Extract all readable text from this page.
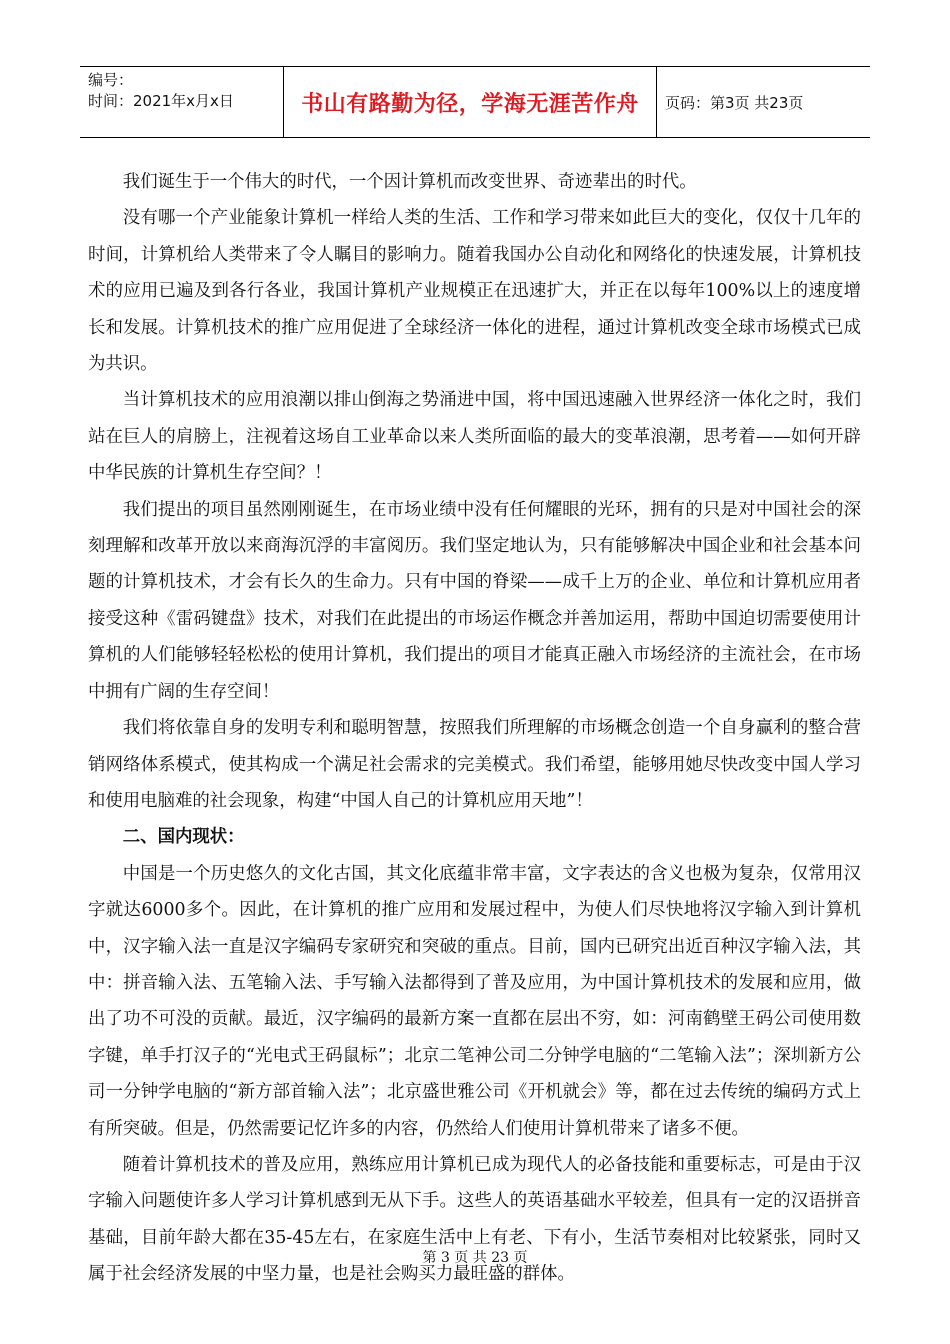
编号：
时间：2021年x月x日	书山有路勤为径，学海无涯苦作舟	页码：第3页 共23页

我们诞生于一个伟大的时代，一个因计算机而改变世界、奇迹辈出的时代。

没有哪一个产业能象计算机一样给人类的生活、工作和学习带来如此巨大的变化，仅仅十几年的时间，计算机给人类带来了令人瞩目的影响力。随着我国办公自动化和网络化的快速发展，计算机技术的应用已遍及到各行各业，我国计算机产业规模正在迅速扩大，并正在以每年100%以上的速度增长和发展。计算机技术的推广应用促进了全球经济一体化的进程，通过计算机改变全球市场模式已成为共识。

当计算机技术的应用浪潮以排山倒海之势涌进中国，将中国迅速融入世界经济一体化之时，我们站在巨人的肩膀上，注视着这场自工业革命以来人类所面临的最大的变革浪潮，思考着——如何开辟中华民族的计算机生存空间？！

我们提出的项目虽然刚刚诞生，在市场业绩中没有任何耀眼的光环，拥有的只是对中国社会的深刻理解和改革开放以来商海沉浮的丰富阅历。我们坚定地认为，只有能够解决中国企业和社会基本问题的计算机技术，才会有长久的生命力。只有中国的脊梁——成千上万的企业、单位和计算机应用者接受这种《雷码键盘》技术，对我们在此提出的市场运作概念并善加运用，帮助中国迫切需要使用计算机的人们能够轻轻松松的使用计算机，我们提出的项目才能真正融入市场经济的主流社会，在市场中拥有广阔的生存空间！

我们将依靠自身的发明专利和聪明智慧，按照我们所理解的市场概念创造一个自身赢利的整合营销网络体系模式，使其构成一个满足社会需求的完美模式。我们希望，能够用她尽快改变中国人学习和使用电脑难的社会现象，构建“中国人自己的计算机应用天地”！

二、国内现状：

中国是一个历史悠久的文化古国，其文化底蕴非常丰富，文字表达的含义也极为复杂，仅常用汉字就达6000多个。因此，在计算机的推广应用和发展过程中，为使人们尽快地将汉字输入到计算机中，汉字输入法一直是汉字编码专家研究和突破的重点。目前，国内已研究出近百种汉字输入法，其中：拼音输入法、五笔输入法、手写输入法都得到了普及应用，为中国计算机技术的发展和应用，做出了功不可没的贡献。最近，汉字编码的最新方案一直都在层出不穷，如：河南鹤壁王码公司使用数字键，单手打汉子的“光电式王码鼠标”；北京二笔神公司二分钟学电脑的“二笔输入法”；深圳新方公司一分钟学电脑的“新方部首输入法”；北京盛世雅公司《开机就会》等，都在过去传统的编码方式上有所突破。但是，仍然需要记忆许多的内容，仍然给人们使用计算机带来了诸多不便。

随着计算机技术的普及应用，熟练应用计算机已成为现代人的必备技能和重要标志，可是由于汉字输入问题使许多人学习计算机感到无从下手。这些人的英语基础水平较差，但具有一定的汉语拼音基础，目前年龄大都在35-45左右，在家庭生活中上有老、下有小，生活节奏相对比较紧张，同时又属于社会经济发展的中坚力量，也是社会购买力最旺盛的群体。

第 3 页 共 23 页
